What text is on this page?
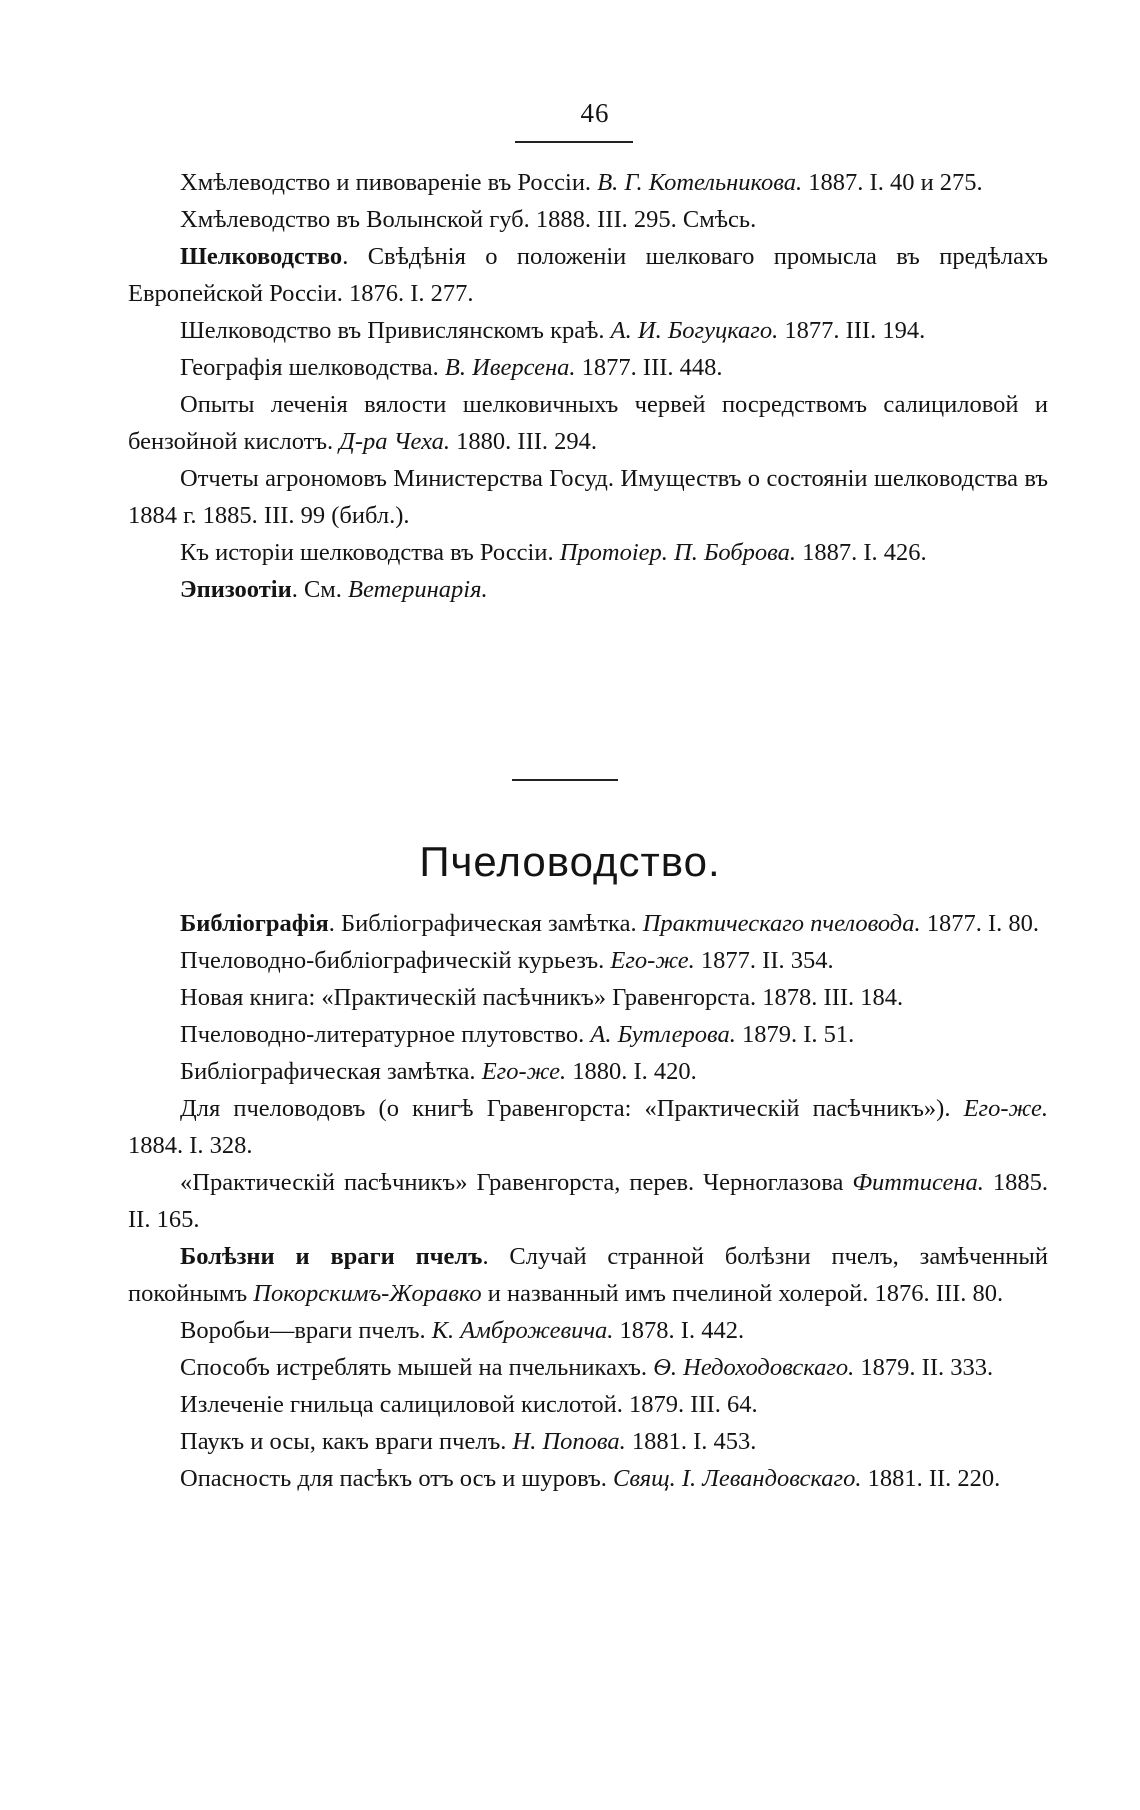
46

Хмѣлеводство и пивовареніе въ Россіи. В. Г. Котельникова. 1887. I. 40 и 275.

Хмѣлеводство въ Волынской губ. 1888. III. 295. Смѣсь.

Шелководство. Свѣдѣнія о положеніи шелковаго промысла въ предѣлахъ Европейской Россіи. 1876. I. 277.

Шелководство въ Привислянскомъ краѣ. А. И. Богуцкаго. 1877. III. 194.

Географія шелководства. В. Иверсена. 1877. III. 448.

Опыты леченія вялости шелковичныхъ червей посредствомъ салициловой и бензойной кислотъ. Д-ра Чеха. 1880. III. 294.

Отчеты агрономовъ Министерства Госуд. Имуществъ о состояніи шелководства въ 1884 г. 1885. III. 99 (библ.).

Къ исторіи шелководства въ Россіи. Протоіер. П. Боброва. 1887. I. 426.

Эпизоотіи. См. Ветеринарія.

Пчеловодство.

Библіографія. Библіографическая замѣтка. Практическаго пчеловода. 1877. I. 80.

Пчеловодно-библіографическій курьезъ. Его-же. 1877. II. 354.

Новая книга: «Практическій пасѣчникъ» Гравенгорста. 1878. III. 184.

Пчеловодно-литературное плутовство. А. Бутлерова. 1879. I. 51.

Библіографическая замѣтка. Его-же. 1880. I. 420.

Для пчеловодовъ (о книгѣ Гравенгорста: «Практическій пасѣчникъ»). Его-же. 1884. I. 328.

«Практическій пасѣчникъ» Гравенгорста, перев. Черноглазова Фиттисена. 1885. II. 165.

Болѣзни и враги пчелъ. Случай странной болѣзни пчелъ, замѣченный покойнымъ Покорскимъ-Жоравко и названный имъ пчелиной холерой. 1876. III. 80.

Воробьи—враги пчелъ. К. Амброжевича. 1878. I. 442.

Способъ истреблять мышей на пчельникахъ. Ѳ. Недоходовскаго. 1879. II. 333.

Излеченіе гнильца салициловой кислотой. 1879. III. 64.

Паукъ и осы, какъ враги пчелъ. Н. Попова. 1881. I. 453.

Опасность для пасѣкъ отъ осъ и шуровъ. Свящ. I. Левандовскаго. 1881. II. 220.
